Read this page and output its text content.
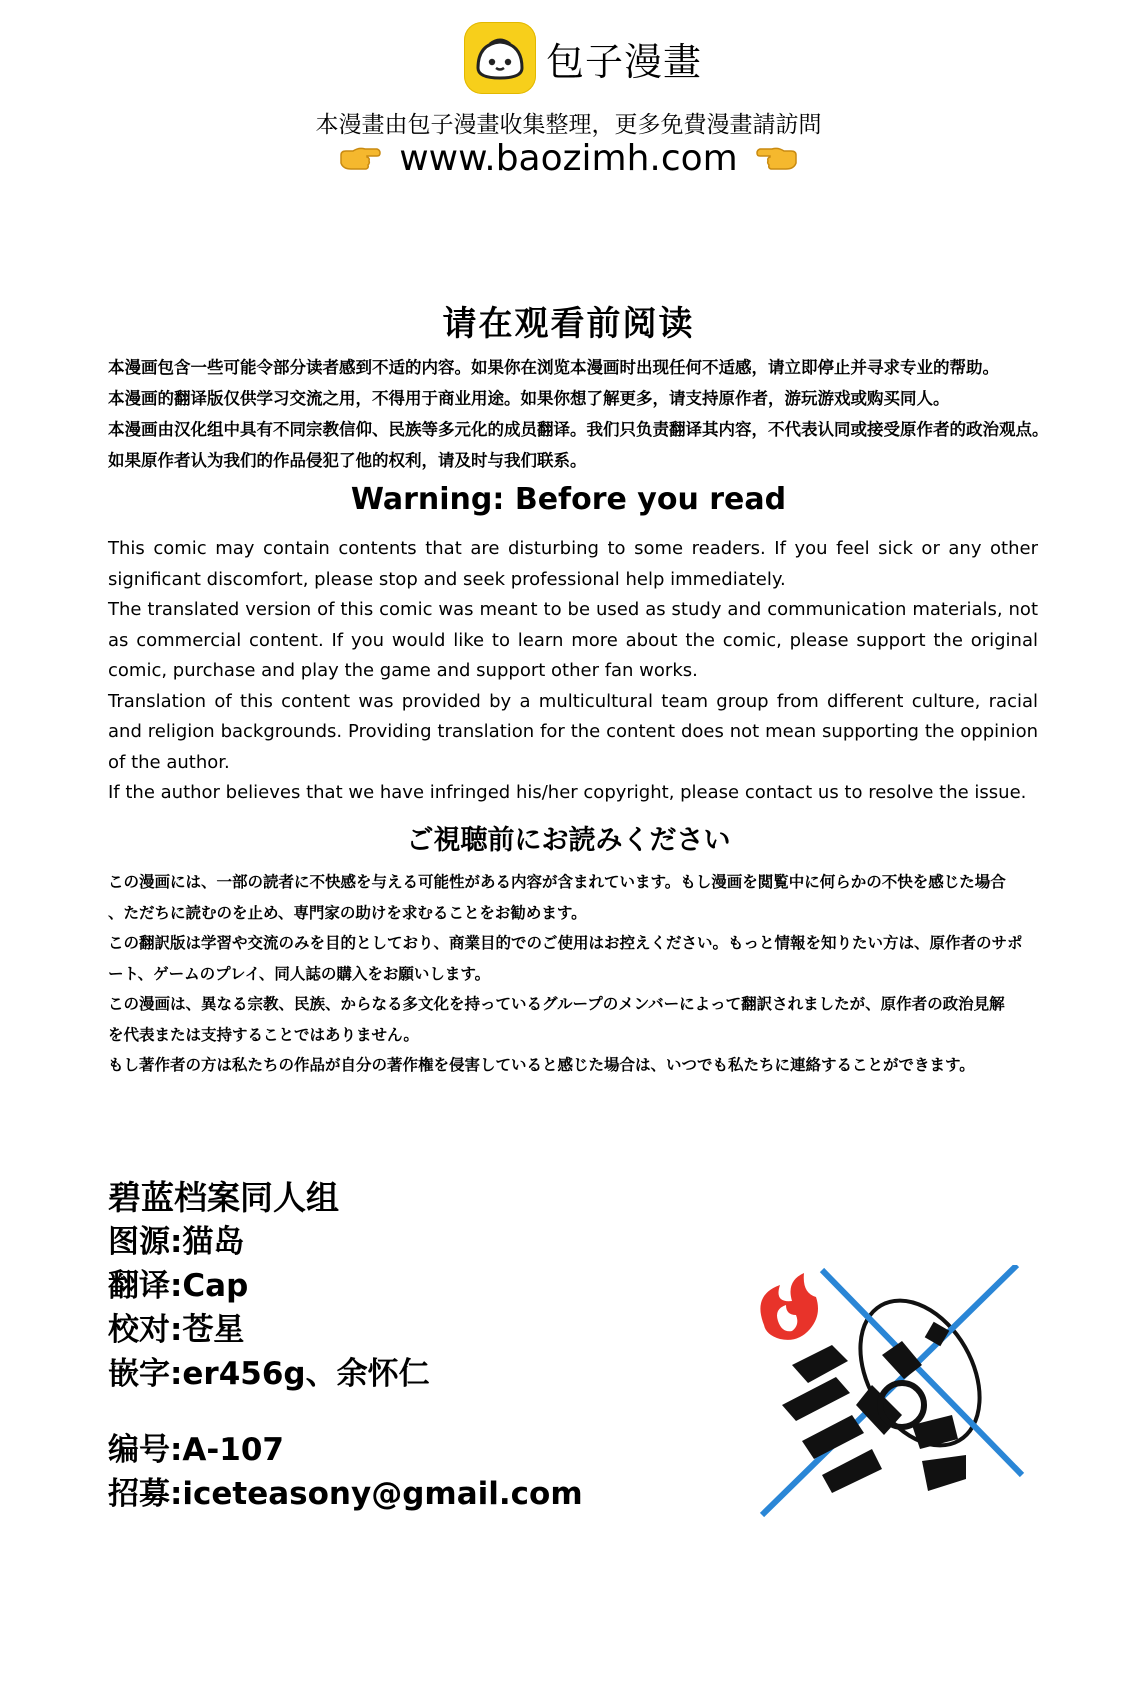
包子漫畫
本漫畫由包子漫畫收集整理，更多免費漫畫請訪問
www.baozimh.com
请在观看前阅读

本漫画包含一些可能令部分读者感到不适的内容。如果你在浏览本漫画时出现任何不适感，请立即停止并寻求专业的帮助。

本漫画的翻译版仅供学习交流之用，不得用于商业用途。如果你想了解更多，请支持原作者，游玩游戏或购买同人。

本漫画由汉化组中具有不同宗教信仰、民族等多元化的成员翻译。我们只负责翻译其内容，不代表认同或接受原作者的政治观点。

如果原作者认为我们的作品侵犯了他的权利，请及时与我们联系。

Warning: Before you read

This comic may contain contents that are disturbing to some readers. If you feel sick or any other significant discomfort, please stop and seek professional help immediately.

The translated version of this comic was meant to be used as study and communication materials, not as commercial content. If you would like to learn more about the comic, please support the original comic, purchase and play the game and support other fan works.

Translation of this content was provided by a multicultural team group from different culture, racial and religion backgrounds. Providing translation for the content does not mean supporting the oppinion of the author.

If the author believes that we have infringed his/her copyright, please contact us to resolve the issue.

ご視聴前にお読みください

この漫画には、一部の読者に不快感を与える可能性がある内容が含まれています。もし漫画を閲覧中に何らかの不快を感じた場合

、ただちに読むのを止め、専門家の助けを求むることをお勧めます。

この翻訳版は学習や交流のみを目的としており、商業目的でのご使用はお控えください。もっと情報を知りたい方は、原作者のサポ

ート、ゲームのプレイ、同人誌の購入をお願いします。

この漫画は、異なる宗教、民族、からなる多文化を持っているグループのメンバーによって翻訳されましたが、原作者の政治見解

を代表または支持することではありません。

もし著作者の方は私たちの作品が自分の著作権を侵害していると感じた場合は、いつでも私たちに連絡することができます。

碧蓝档案同人组
图源:猫岛
翻译:Cap
校对:苍星
嵌字:er456g、余怀仁
编号:A-107
招募:iceteasony@gmail.com
